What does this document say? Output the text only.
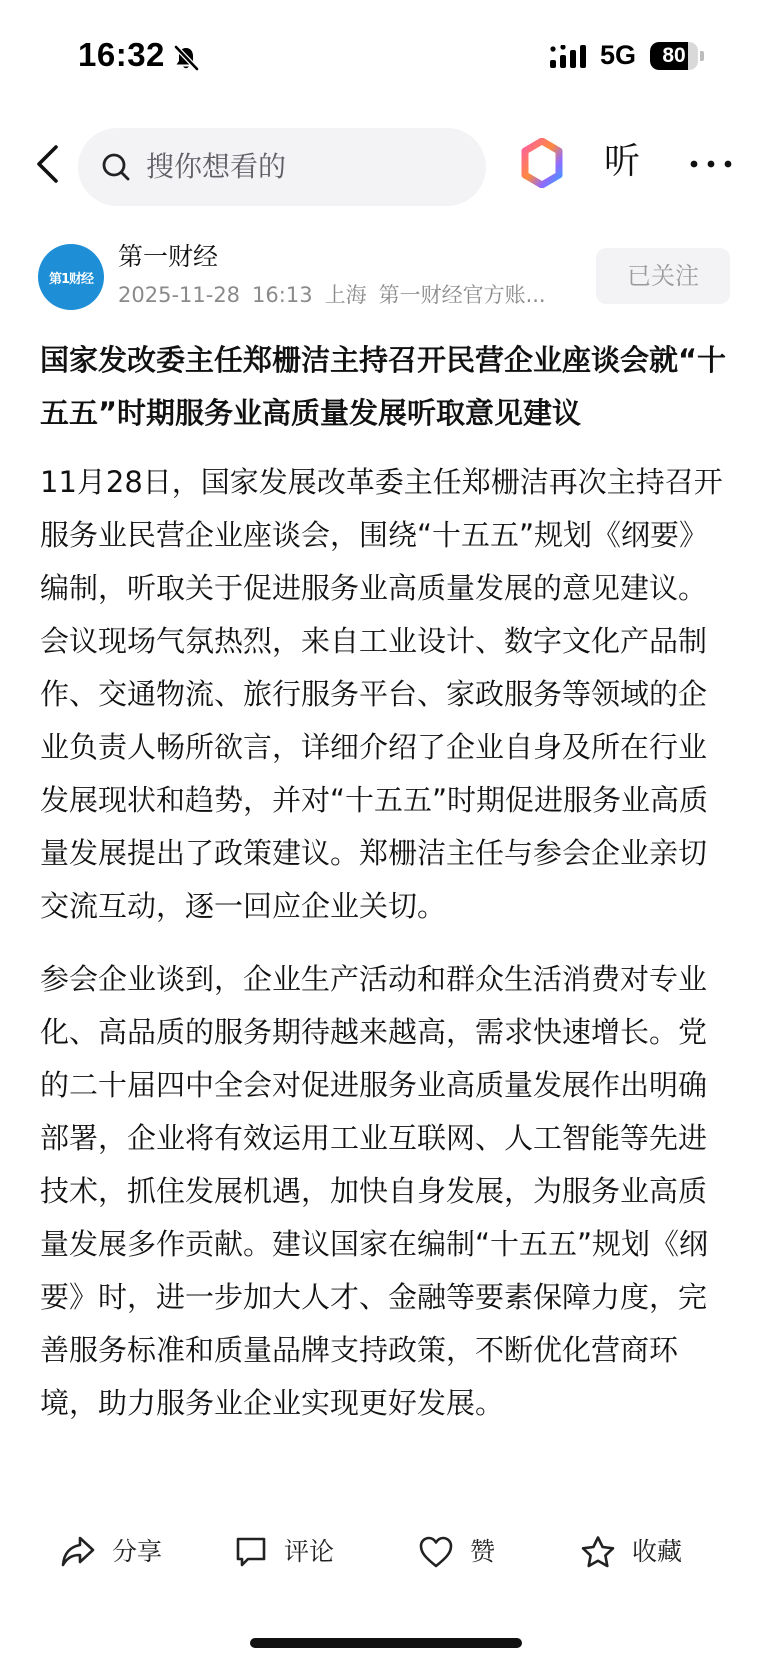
16:32	5G	80
搜你想看的	听
第1财经
第一财经
2025-11-28 16:13 上海 第一财经官方账...
已关注
国家发改委主任郑栅洁主持召开民营企业座谈会就“十五五”时期服务业高质量发展听取意见建议

11月28日，国家发展改革委主任郑栅洁再次主持召开服务业民营企业座谈会，围绕“十五五”规划《纲要》编制，听取关于促进服务业高质量发展的意见建议。会议现场气氛热烈，来自工业设计、数字文化产品制作、交通物流、旅行服务平台、家政服务等领域的企业负责人畅所欲言，详细介绍了企业自身及所在行业发展现状和趋势，并对“十五五”时期促进服务业高质量发展提出了政策建议。郑栅洁主任与参会企业亲切交流互动，逐一回应企业关切。

参会企业谈到，企业生产活动和群众生活消费对专业化、高品质的服务期待越来越高，需求快速增长。党的二十届四中全会对促进服务业高质量发展作出明确部署，企业将有效运用工业互联网、人工智能等先进技术，抓住发展机遇，加快自身发展，为服务业高质量发展多作贡献。建议国家在编制“十五五”规划《纲要》时，进一步加大人才、金融等要素保障力度，完善服务标准和质量品牌支持政策，不断优化营商环境，助力服务业企业实现更好发展。

分享	评论	赞	收藏
